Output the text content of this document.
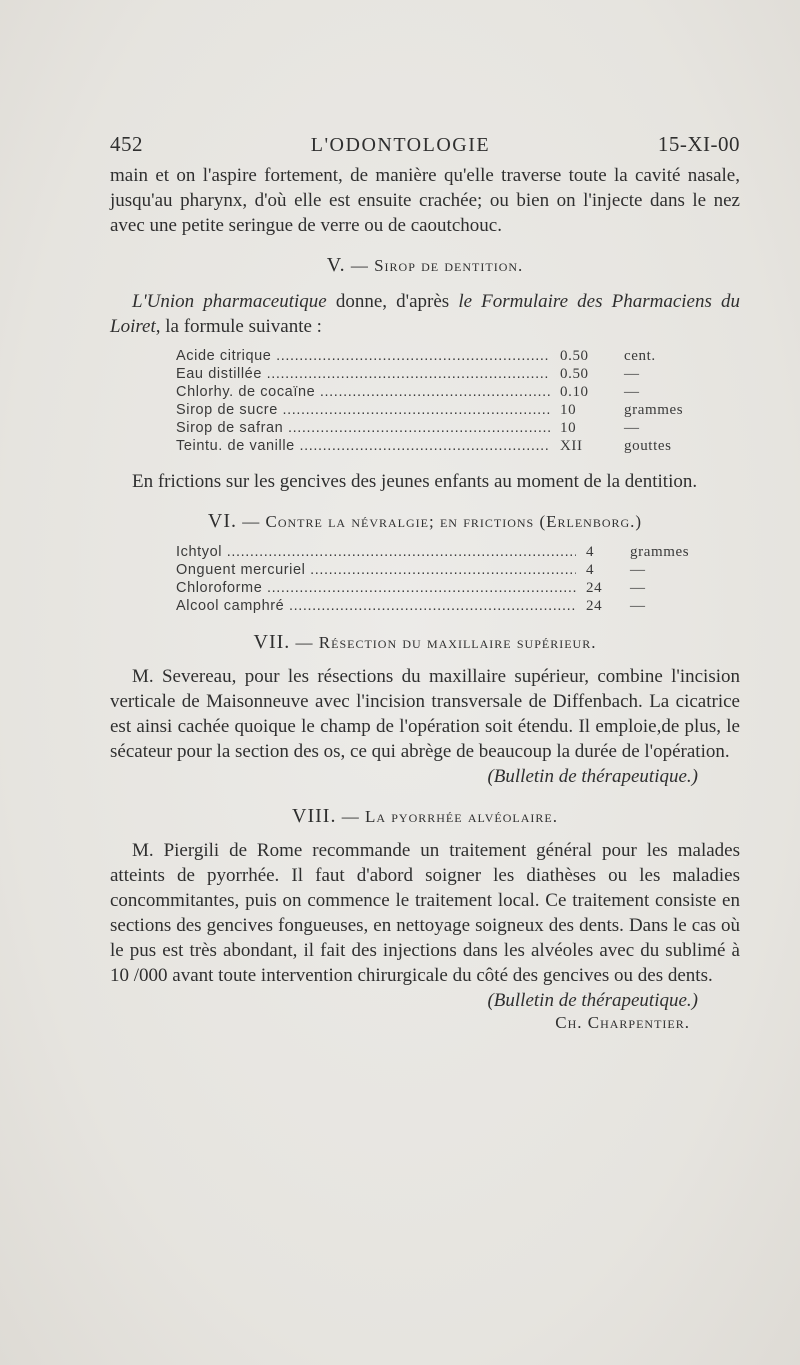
452	L'ODONTOLOGIE	15-XI-00

main et on l'aspire fortement, de manière qu'elle traverse toute la cavité nasale, jusqu'au pharynx, d'où elle est ensuite crachée; ou bien on l'injecte dans le nez avec une petite seringue de verre ou de caoutchouc.

V. — Sirop de dentition.

L'Union pharmaceutique donne, d'après le Formulaire des Pharmaciens du Loiret, la formule suivante :

Acide citrique .....	0.50	cent.
Eau distillée .....	0.50	—
Chlorhy. de cocaïne .....	0.10	—
Sirop de sucre .....	10	grammes
Sirop de safran .....	10	—
Teintu. de vanille .....	XII	gouttes

En frictions sur les gencives des jeunes enfants au moment de la dentition.

VI. — Contre la névralgie; en frictions (Erlenborg.)

Ichtyol .....	4	grammes
Onguent mercuriel .....	4	—
Chloroforme .....	24	—
Alcool camphré .....	24	—

VII. — Résection du maxillaire supérieur.

M. Severeau, pour les résections du maxillaire supérieur, combine l'incision verticale de Maisonneuve avec l'incision transversale de Diffenbach. La cicatrice est ainsi cachée quoique le champ de l'opération soit étendu. Il emploie,de plus, le sécateur pour la section des os, ce qui abrège de beaucoup la durée de l'opération.

(Bulletin de thérapeutique.)

VIII. — La pyorrhée alvéolaire.

M. Piergili de Rome recommande un traitement général pour les malades atteints de pyorrhée. Il faut d'abord soigner les diathèses ou les maladies concommitantes, puis on commence le traitement local. Ce traitement consiste en sections des gencives fongueuses, en nettoyage soigneux des dents. Dans le cas où le pus est très abondant, il fait des injections dans les alvéoles avec du sublimé à 10 /000 avant toute intervention chirurgicale du côté des gencives ou des dents.

(Bulletin de thérapeutique.)

Ch. Charpentier.
